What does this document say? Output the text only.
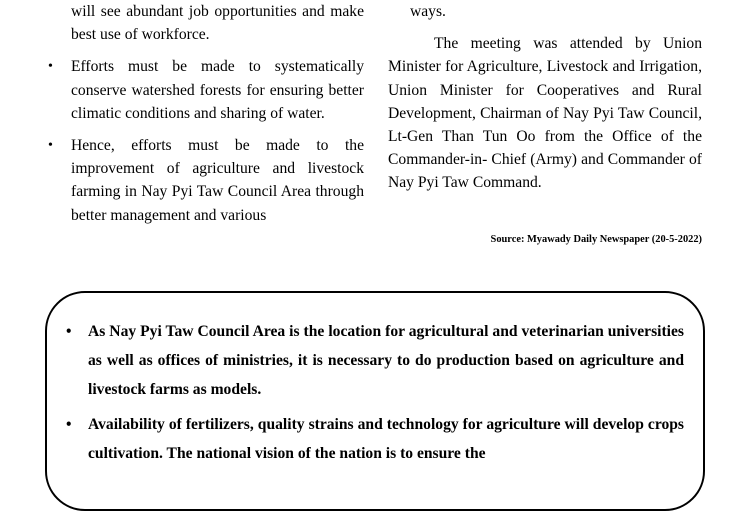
will see abundant job opportunities and make best use of workforce.

• Efforts must be made to systematically conserve watershed forests for ensuring better climatic conditions and sharing of water.
• Hence, efforts must be made to the improvement of agriculture and livestock farming in Nay Pyi Taw Council Area through better management and various

ways.

The meeting was attended by Union Minister for Agriculture, Livestock and Irrigation, Union Minister for Cooperatives and Rural Development, Chairman of Nay Pyi Taw Council, Lt-Gen Than Tun Oo from the Office of the Commander-in- Chief (Army) and Commander of Nay Pyi Taw Command.

Source: Myawady Daily Newspaper (20-5-2022)
• As Nay Pyi Taw Council Area is the location for agricultural and veterinarian universities as well as offices of ministries, it is necessary to do production based on agriculture and livestock farms as models.
• Availability of fertilizers, quality strains and technology for agriculture will develop crops cultivation. The national vision of the nation is to ensure the
